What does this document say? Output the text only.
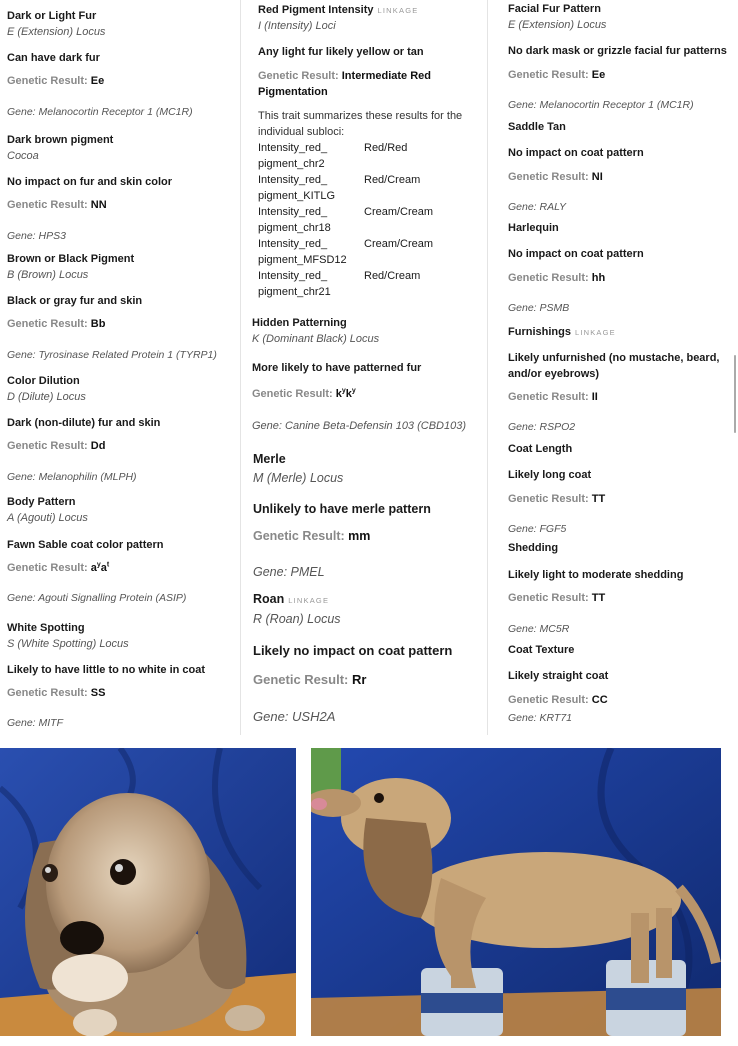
Dark or Light Fur
E (Extension) Locus
Can have dark fur
Genetic Result: Ee
Gene: Melanocortin Receptor 1 (MC1R)
Dark brown pigment
Cocoa
No impact on fur and skin color
Genetic Result: NN
Gene: HPS3
Brown or Black Pigment
B (Brown) Locus
Black or gray fur and skin
Genetic Result: Bb
Gene: Tyrosinase Related Protein 1 (TYRP1)
Color Dilution
D (Dilute) Locus
Dark (non-dilute) fur and skin
Genetic Result: Dd
Gene: Melanophilin (MLPH)
Body Pattern
A (Agouti) Locus
Fawn Sable coat color pattern
Genetic Result: $a^ya^t$
Gene: Agouti Signalling Protein (ASIP)
White Spotting
S (White Spotting) Locus
Likely to have little to no white in coat
Genetic Result: SS
Gene: MITF
Red Pigment Intensity LINKAGE
I (Intensity) Loci
Any light fur likely yellow or tan
Genetic Result: Intermediate Red Pigmentation
This trait summarizes these results for the individual subloci:
Intensity_red_ pigment_chr2Red/Red
Intensity_red_ pigment_KITLGRed/Cream
Intensity_red_ pigment_chr18Cream/Cream
Intensity_red_ pigment_MFSD12Cream/Cream
Intensity_red_ pigment_chr21Red/Cream
Hidden Patterning
K (Dominant Black) Locus
More likely to have patterned fur
Genetic Result: $k^yk^y$
Gene: Canine Beta-Defensin 103 (CBD103)
Merle
M (Merle) Locus
Unlikely to have merle pattern
Genetic Result: mm
Gene: PMEL
Roan LINKAGE
R (Roan) Locus
Likely no impact on coat pattern
Genetic Result: Rr
Gene: USH2A
Facial Fur Pattern
E (Extension) Locus
No dark mask or grizzle facial fur patterns
Genetic Result: Ee
Gene: Melanocortin Receptor 1 (MC1R)
Saddle Tan
No impact on coat pattern
Genetic Result: NI
Gene: RALY
Harlequin
No impact on coat pattern
Genetic Result: hh
Gene: PSMB
Furnishings LINKAGE
Likely unfurnished (no mustache, beard, and/or eyebrows)
Genetic Result: II
Gene: RSPO2
Coat Length
Likely long coat
Genetic Result: TT
Gene: FGF5
Shedding
Likely light to moderate shedding
Genetic Result: TT
Gene: MC5R
Coat Texture
Likely straight coat
Genetic Result: CC
Gene: KRT71
